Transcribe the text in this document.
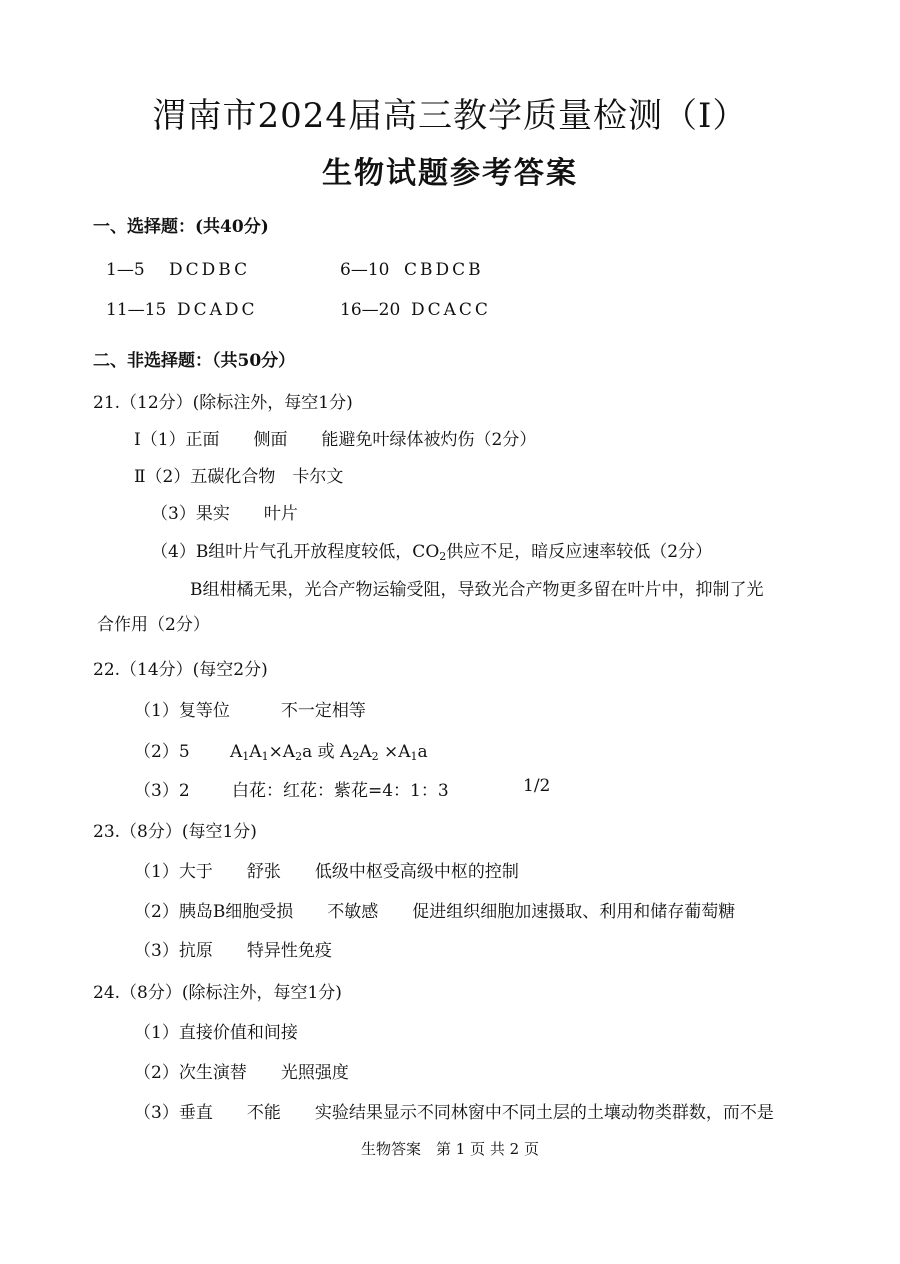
渭南市2024届高三教学质量检测（Ⅰ）
生物试题参考答案
一、选择题：(共40分)
1—5 DCDBC	6—10 CBDCB
11—15 DCADC	16—20 DCACC
二、非选择题：（共50分）
21.（12分）(除标注外，每空1分)
Ⅰ（1）正面　　侧面　　能避免叶绿体被灼伤（2分）
Ⅱ（2）五碳化合物　卡尔文
（3）果实　　叶片
（4）B组叶片气孔开放程度较低，$CO_2$供应不足，暗反应速率较低（2分）
B组柑橘无果，光合产物运输受阻，导致光合产物更多留在叶片中，抑制了光
合作用（2分）
22.（14分）(每空2分)
（1）复等位　　　不一定相等
（2）5 $A_1A_1\times A_2a$ 或 $A_2A_2 \times A_1a$
（3）2 白花：红花：紫花=4：1：3	1/2
23.（8分）(每空1分)
（1）大于　　舒张　　低级中枢受高级中枢的控制
（2）胰岛B细胞受损　　不敏感　　促进组织细胞加速摄取、利用和储存葡萄糖
（3）抗原　　特异性免疫
24.（8分）(除标注外，每空1分)
（1）直接价值和间接
（2）次生演替　　光照强度
（3）垂直　　不能　　实验结果显示不同林窗中不同土层的土壤动物类群数，而不是
生物答案　第 1 页 共 2 页
